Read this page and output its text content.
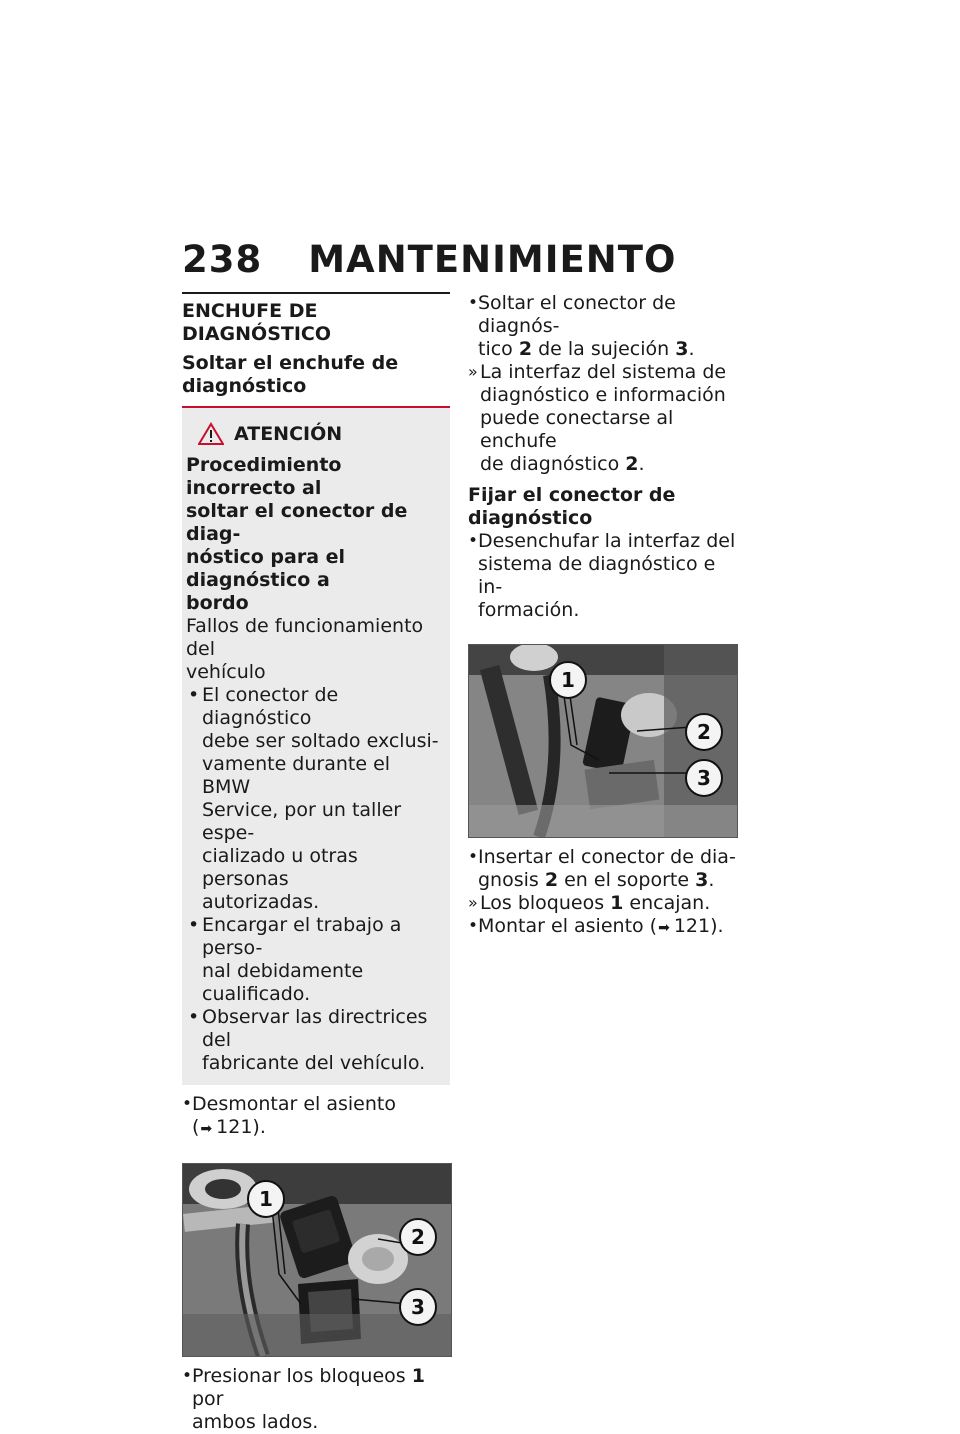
238 MANTENIMIENTO
ENCHUFE DE DIAGNÓSTICO
Soltar el enchufe de
diagnóstico
ATENCIÓN
Procedimiento incorrecto al
soltar el conector de diag-
nóstico para el diagnóstico a
bordo
Fallos de funcionamiento del
vehículo
• El conector de diagnóstico
debe ser soltado exclusi-
vamente durante el BMW
Service, por un taller espe-
cializado u otras personas
autorizadas.
• Encargar el trabajo a perso-
nal debidamente cualificado.
• Observar las directrices del
fabricante del vehículo.

• Desmontar el asiento
(➡ 121).

1
2
3

• Presionar los bloqueos 1 por
ambos lados.

• Soltar el conector de diagnós-
tico 2 de la sujeción 3.

» La interfaz del sistema de
diagnóstico e información
puede conectarse al enchufe
de diagnóstico 2.

Fijar el conector de
diagnóstico

• Desenchufar la interfaz del
sistema de diagnóstico e in-
formación.

1
2
3

• Insertar el conector de dia-
gnosis 2 en el soporte 3.

» Los bloqueos 1 encajan.

• Montar el asiento (➡ 121).
